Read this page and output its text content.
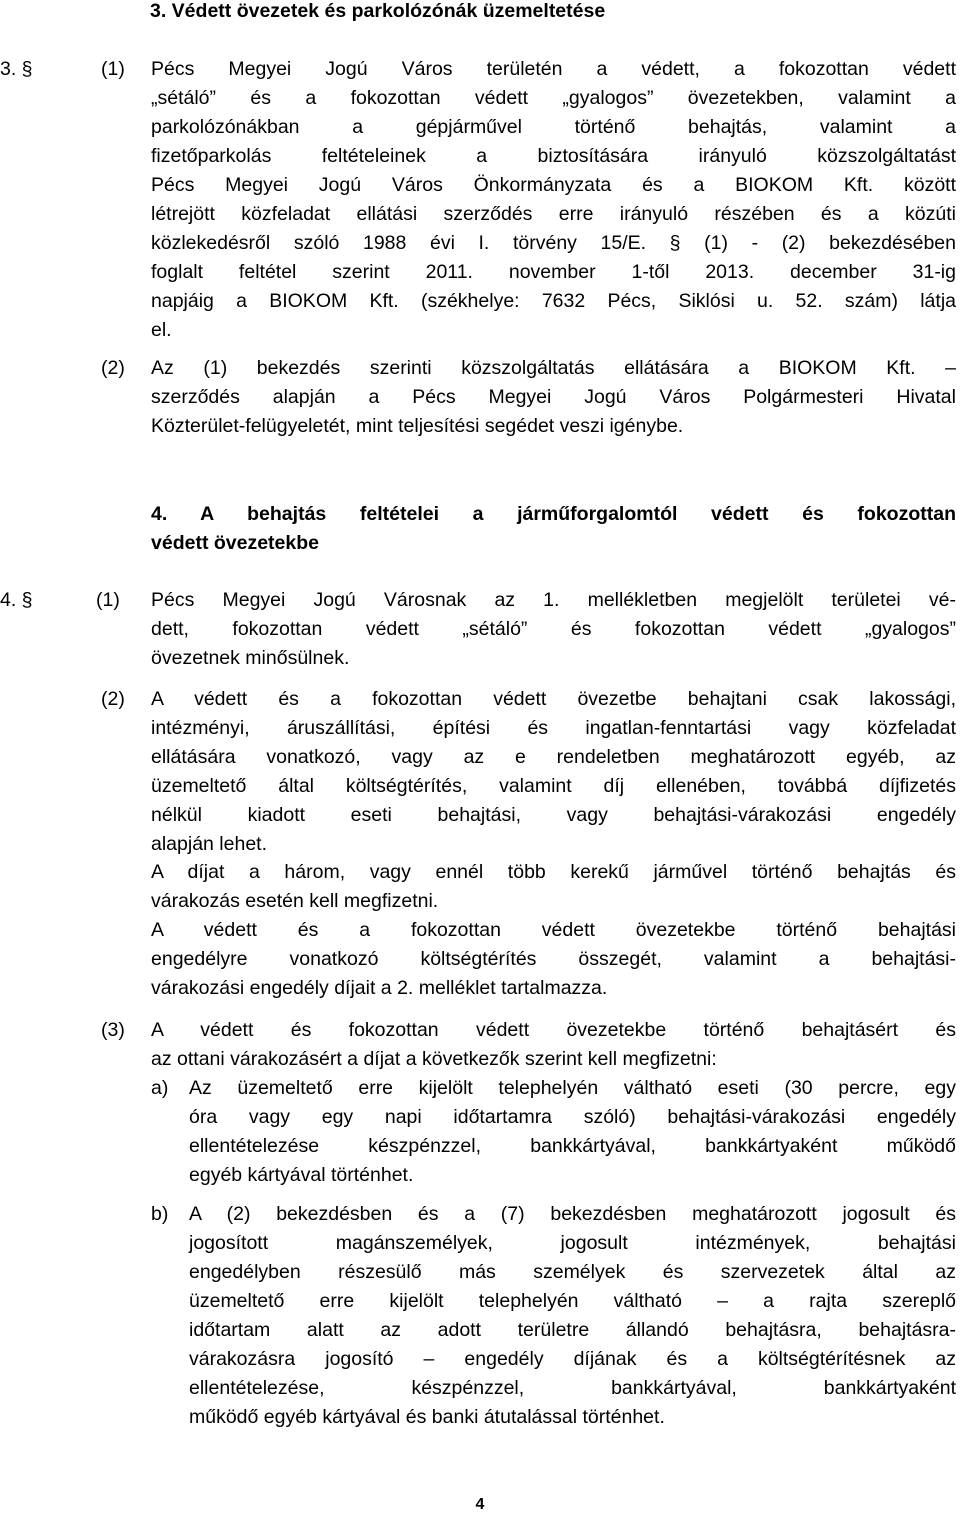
3. Védett övezetek és parkolózónák üzemeltetése
3. §	(1) Pécs Megyei Jogú Város területén a védett, a fokozottan védett
„sétáló” és a fokozottan védett „gyalogos” övezetekben, valamint a
parkolózónákban a gépjárművel történő behajtás, valamint a
fizetőparkolás feltételeinek a biztosítására irányuló közszolgáltatást
Pécs Megyei Jogú Város Önkormányzata és a BIOKOM Kft. között
létrejött közfeladat ellátási szerződés erre irányuló részében és a közúti
közlekedésről szóló 1988 évi I. törvény 15/E. § (1) - (2) bekezdésében
foglalt feltétel szerint 2011. november 1-től 2013. december 31-ig
napjáig a BIOKOM Kft. (székhelye: 7632 Pécs, Siklósi u. 52. szám) látja
el.
(2) Az (1) bekezdés szerinti közszolgáltatás ellátására a BIOKOM Kft. –
szerződés alapján a Pécs Megyei Jogú Város Polgármesteri Hivatal
Közterület-felügyeletét, mint teljesítési segédet veszi igénybe.
4. A behajtás feltételei a járműforgalomtól védett és fokozottan
védett övezetekbe
4. §	(1) Pécs Megyei Jogú Városnak az 1. mellékletben megjelölt területei vé-
dett, fokozottan védett „sétáló” és fokozottan védett „gyalogos”
övezetnek minősülnek.
(2) A védett és a fokozottan védett övezetbe behajtani csak lakossági,
intézményi, áruszállítási, építési és ingatlan-fenntartási vagy közfeladat
ellátására vonatkozó, vagy az e rendeletben meghatározott egyéb, az
üzemeltető által költségtérítés, valamint díj ellenében, továbbá díjfizetés
nélkül kiadott eseti behajtási, vagy behajtási-várakozási engedély
alapján lehet.
A díjat a három, vagy ennél több kerekű járművel történő behajtás és
várakozás esetén kell megfizetni.
A védett és a fokozottan védett övezetekbe történő behajtási
engedélyre vonatkozó költségtérítés összegét, valamint a behajtási-
várakozási engedély díjait a 2. melléklet tartalmazza.
(3) A védett és fokozottan védett övezetekbe történő behajtásért és
az ottani várakozásért a díjat a következők szerint kell megfizetni:
a) Az üzemeltető erre kijelölt telephelyén váltható eseti (30 percre, egy
óra vagy egy napi időtartamra szóló) behajtási-várakozási engedély
ellentételezése készpénzzel, bankkártyával, bankkártyaként működő
egyéb kártyával történhet.
b) A (2) bekezdésben és a (7) bekezdésben meghatározott jogosult és
jogosított magánszemélyek, jogosult intézmények, behajtási
engedélyben részesülő más személyek és szervezetek által az
üzemeltető erre kijelölt telephelyén váltható – a rajta szereplő
időtartam alatt az adott területre állandó behajtásra, behajtásra-
várakozásra jogosító – engedély díjának és a költségtérítésnek az
ellentételezése, készpénzzel, bankkártyával, bankkártyaként
működő egyéb kártyával és banki átutalással történhet.
4
